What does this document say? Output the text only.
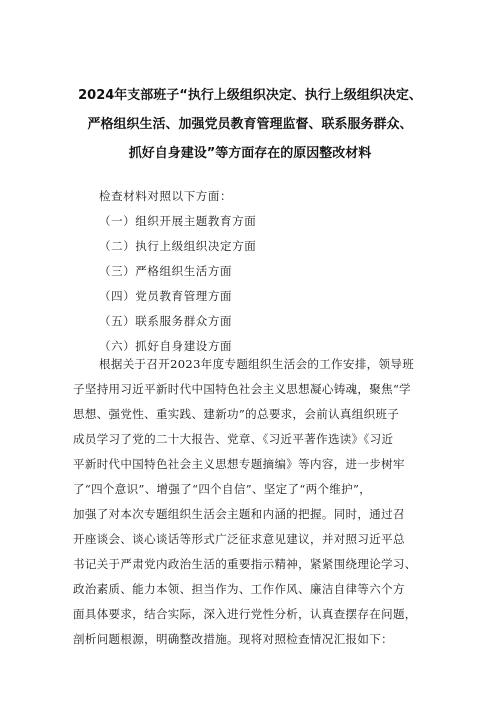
2024年支部班子“执行上级组织决定、执行上级组织决定、
严格组织生活、加强党员教育管理监督、联系服务群众、
抓好自身建设”等方面存在的原因整改材料
检查材料对照以下方面：
（一）组织开展主题教育方面
（二）执行上级组织决定方面
（三）严格组织生活方面
（四）党员教育管理方面
（五）联系服务群众方面
（六）抓好自身建设方面
根据关于召开2023年度专题组织生活会的工作安排，领导班
子坚持用习近平新时代中国特色社会主义思想凝心铸魂，聚焦“学
思想、强党性、重实践、建新功”的总要求，会前认真组织班子
成员学习了党的二十大报告、党章、《习近平著作选读》《习近
平新时代中国特色社会主义思想专题摘编》等内容，进一步树牢
了“四个意识”、增强了“四个自信”、坚定了“两个维护”，
加强了对本次专题组织生活会主题和内涵的把握。同时，通过召
开座谈会、谈心谈话等形式广泛征求意见建议，并对照习近平总
书记关于严肃党内政治生活的重要指示精神，紧紧围绕理论学习、
政治素质、能力本领、担当作为、工作作风、廉洁自律等六个方
面具体要求，结合实际，深入进行党性分析，认真查摆存在问题，
剖析问题根源，明确整改措施。现将对照检查情况汇报如下：
